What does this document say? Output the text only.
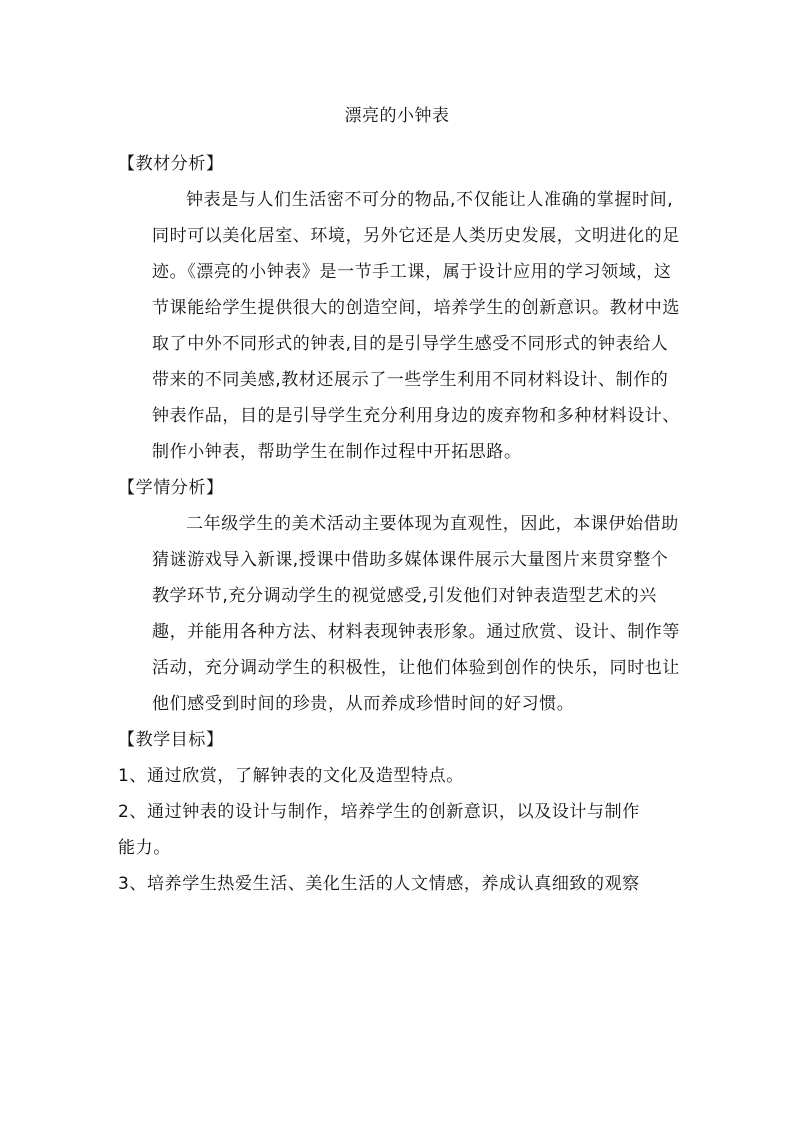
漂亮的小钟表
【教材分析】
钟表是与人们生活密不可分的物品,不仅能让人准确的掌握时间,
同时可以美化居室、环境，另外它还是人类历史发展，文明进化的足
迹。《漂亮的小钟表》是一节手工课，属于设计应用的学习领域，这
节课能给学生提供很大的创造空间，培养学生的创新意识。教材中选
取了中外不同形式的钟表,目的是引导学生感受不同形式的钟表给人
带来的不同美感,教材还展示了一些学生利用不同材料设计、制作的
钟表作品，目的是引导学生充分利用身边的废弃物和多种材料设计、
制作小钟表，帮助学生在制作过程中开拓思路。
【学情分析】
二年级学生的美术活动主要体现为直观性，因此，本课伊始借助
猜谜游戏导入新课,授课中借助多媒体课件展示大量图片来贯穿整个
教学环节,充分调动学生的视觉感受,引发他们对钟表造型艺术的兴
趣，并能用各种方法、材料表现钟表形象。通过欣赏、设计、制作等
活动，充分调动学生的积极性，让他们体验到创作的快乐，同时也让
他们感受到时间的珍贵，从而养成珍惜时间的好习惯。
【教学目标】
1、通过欣赏，了解钟表的文化及造型特点。
2、通过钟表的设计与制作，培养学生的创新意识，以及设计与制作
能力。
3、培养学生热爱生活、美化生活的人文情感，养成认真细致的观察
